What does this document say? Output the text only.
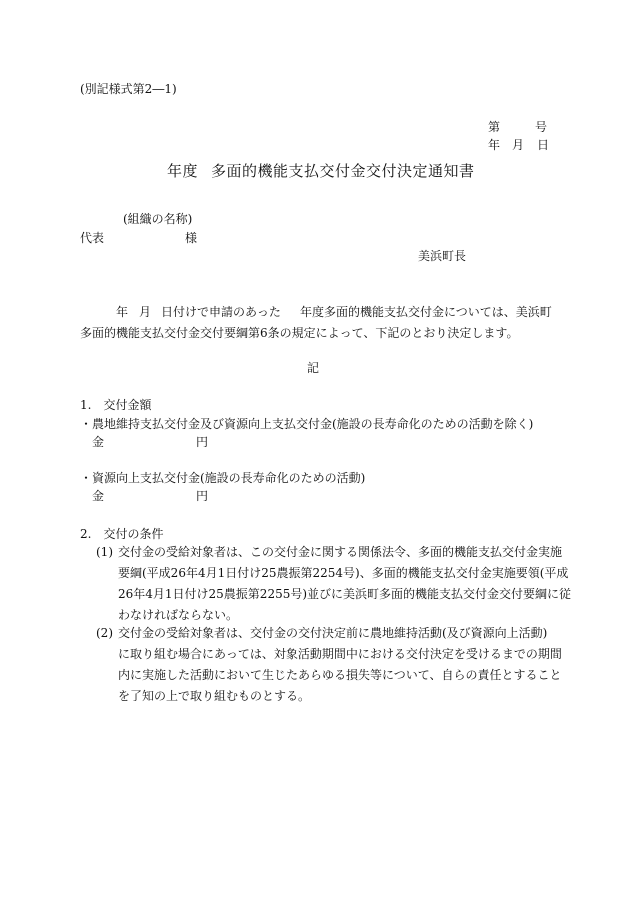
(別記様式第2―1)
第	号
年 月 日
年度 多面的機能支払交付金交付決定通知書
(組織の名称)
代表	様
美浜町長
年 月 日付けで申請のあった 年度多面的機能支払交付金については、美浜町
多面的機能支払交付金交付要綱第6条の規定によって、下記のとおり決定します。
記
1.　交付金額
・農地維持支払交付金及び資源向上支払交付金(施設の長寿命化のための活動を除く)
金	円
・資源向上支払交付金(施設の長寿命化のための活動)
金	円
2.　交付の条件
(1) 交付金の受給対象者は、この交付金に関する関係法令、多面的機能支払交付金実施
要綱(平成26年4月1日付け25農振第2254号)、多面的機能支払交付金実施要領(平成
26年4月1日付け25農振第2255号)並びに美浜町多面的機能支払交付金交付要綱に従
わなければならない。
(2) 交付金の受給対象者は、交付金の交付決定前に農地維持活動(及び資源向上活動)
に取り組む場合にあっては、対象活動期間中における交付決定を受けるまでの期間
内に実施した活動において生じたあらゆる損失等について、自らの責任とすること
を了知の上で取り組むものとする。
